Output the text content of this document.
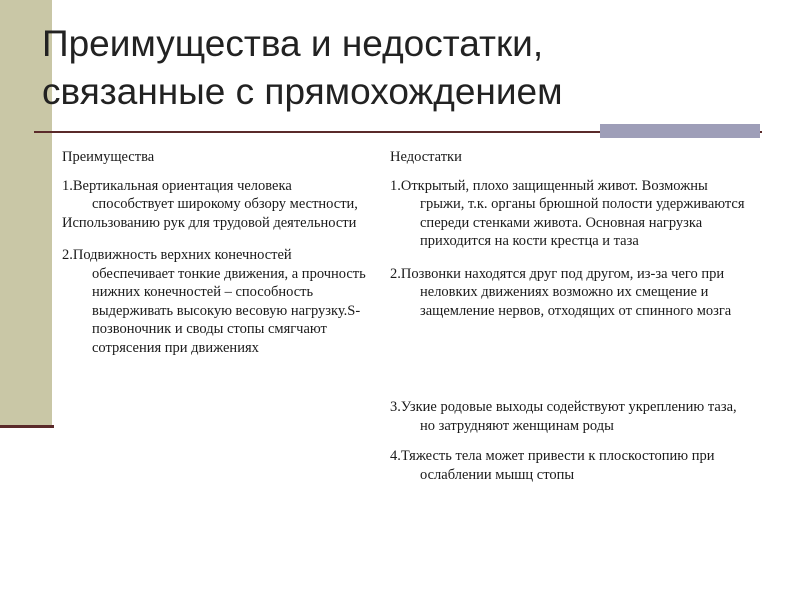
Преимущества и недостатки,
связанные с прямохождением

Преимущества

1.Вертикальная ориентация человека способствует широкому обзору местности,

Использованию рук для трудовой деятельности

2.Подвижность верхних конечностей обеспечивает тонкие движения, а прочность нижних конечностей – способность выдерживать высокую весовую нагрузку.S-позвоночник и своды стопы смягчают сотрясения при движениях

Недостатки

1.Открытый, плохо защищенный живот. Возможны грыжи, т.к. органы брюшной полости удерживаются спереди стенками живота. Основная нагрузка приходится на кости крестца и таза

2.Позвонки находятся друг под другом, из-за чего при неловких движениях возможно их смещение и защемление нервов, отходящих от спинного мозга

3.Узкие родовые выходы содействуют укреплению таза, но затрудняют женщинам роды

4.Тяжесть тела может привести к плоскостопию при ослаблении мышц стопы
